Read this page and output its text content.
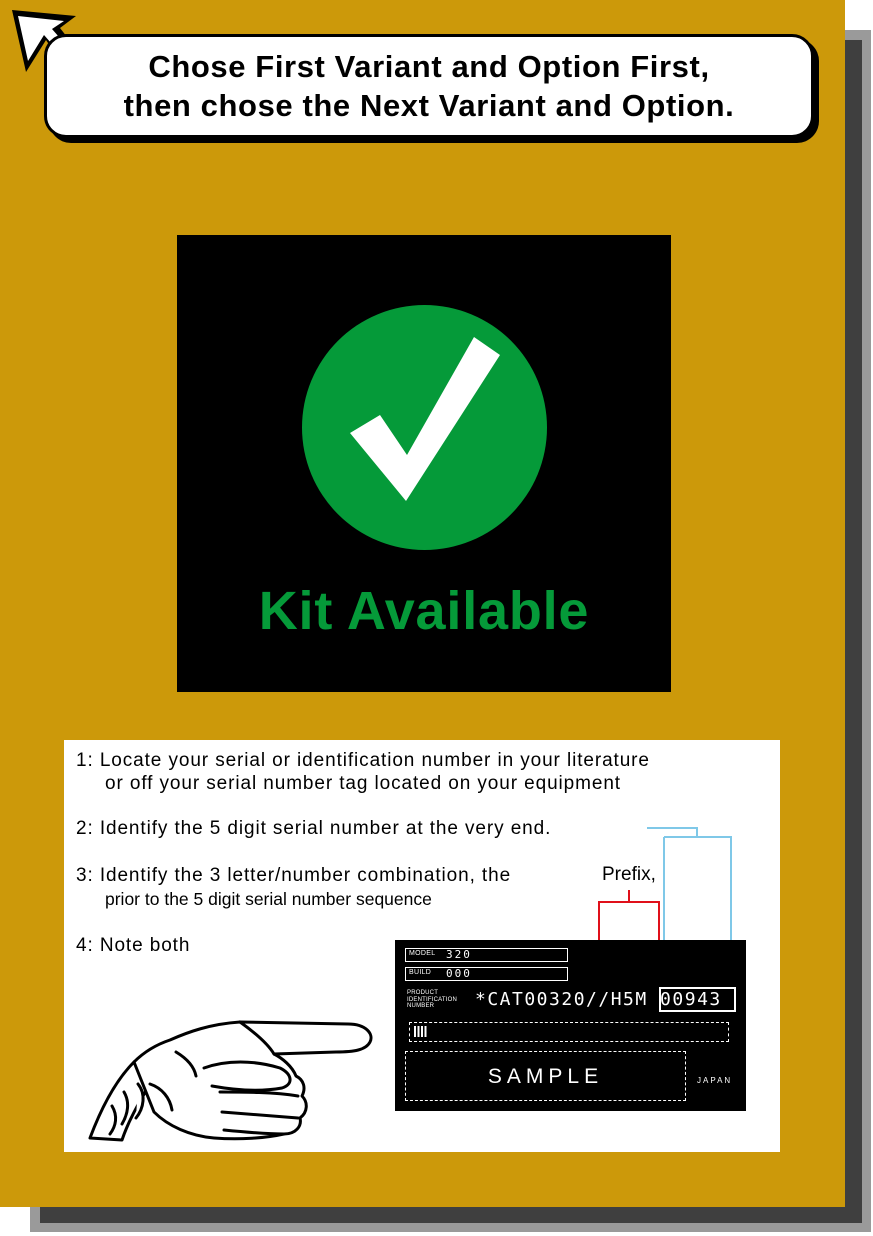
Chose First Variant and Option First,
then chose the Next Variant and Option.
Kit Available
1: Locate your serial or identification number in your literature
or off your serial number tag located on your equipment
2: Identify the 5 digit serial number at the very end.
3: Identify the 3 letter/number combination, the	Prefix,
prior to the 5 digit serial number sequence
4: Note both	MODEL 320
BUILD 000
PRODUCT
IDENTIFICATION
NUMBER	*CAT00320//H5M 00943
SAMPLE	JAPAN
